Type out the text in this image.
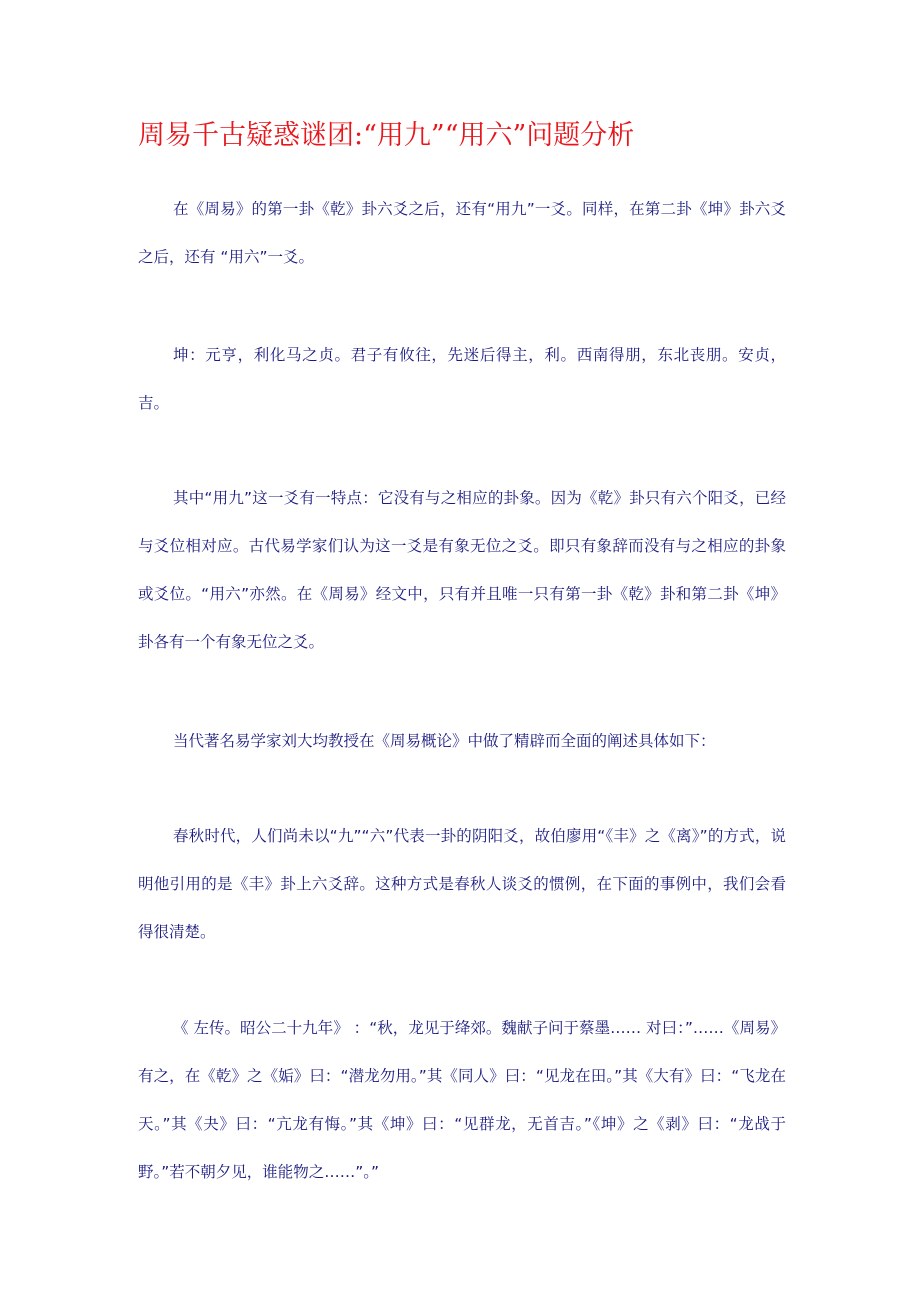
周易千古疑惑谜团:“用九”“用六”问题分析

在《周易》的第一卦《乾》卦六爻之后，还有“用九”一爻。同样，在第二卦《坤》卦六爻之后，还有 “用六”一爻。

坤：元亨，利化马之贞。君子有攸往，先迷后得主，利。西南得朋，东北丧朋。安贞，吉。

其中“用九”这一爻有一特点：它没有与之相应的卦象。因为《乾》卦只有六个阳爻，已经与爻位相对应。古代易学家们认为这一爻是有象无位之爻。即只有象辞而没有与之相应的卦象或爻位。“用六”亦然。在《周易》经文中，只有并且唯一只有第一卦《乾》卦和第二卦《坤》卦各有一个有象无位之爻。

当代著名易学家刘大均教授在《周易概论》中做了精辟而全面的阐述具体如下：

春秋时代，人们尚未以“九”“六”代表一卦的阴阳爻，故伯廖用“《丰》之《离》”的方式，说明他引用的是《丰》卦上六爻辞。这种方式是春秋人谈爻的惯例，在下面的事例中，我们会看得很清楚。

《 左传。昭公二十九年》 ：“秋，龙见于绛郊。魏献子问于蔡墨…… 对曰：”……《周易》 有之，在《乾》之《姤》曰：“潜龙勿用。”其《同人》曰：“见龙在田。”其《大有》曰：“飞龙在天。”其《夬》曰：“亢龙有悔。”其《坤》曰：“见群龙，无首吉。”《坤》之《剥》曰：“龙战于野。”若不朝夕见，谁能物之……”。”
